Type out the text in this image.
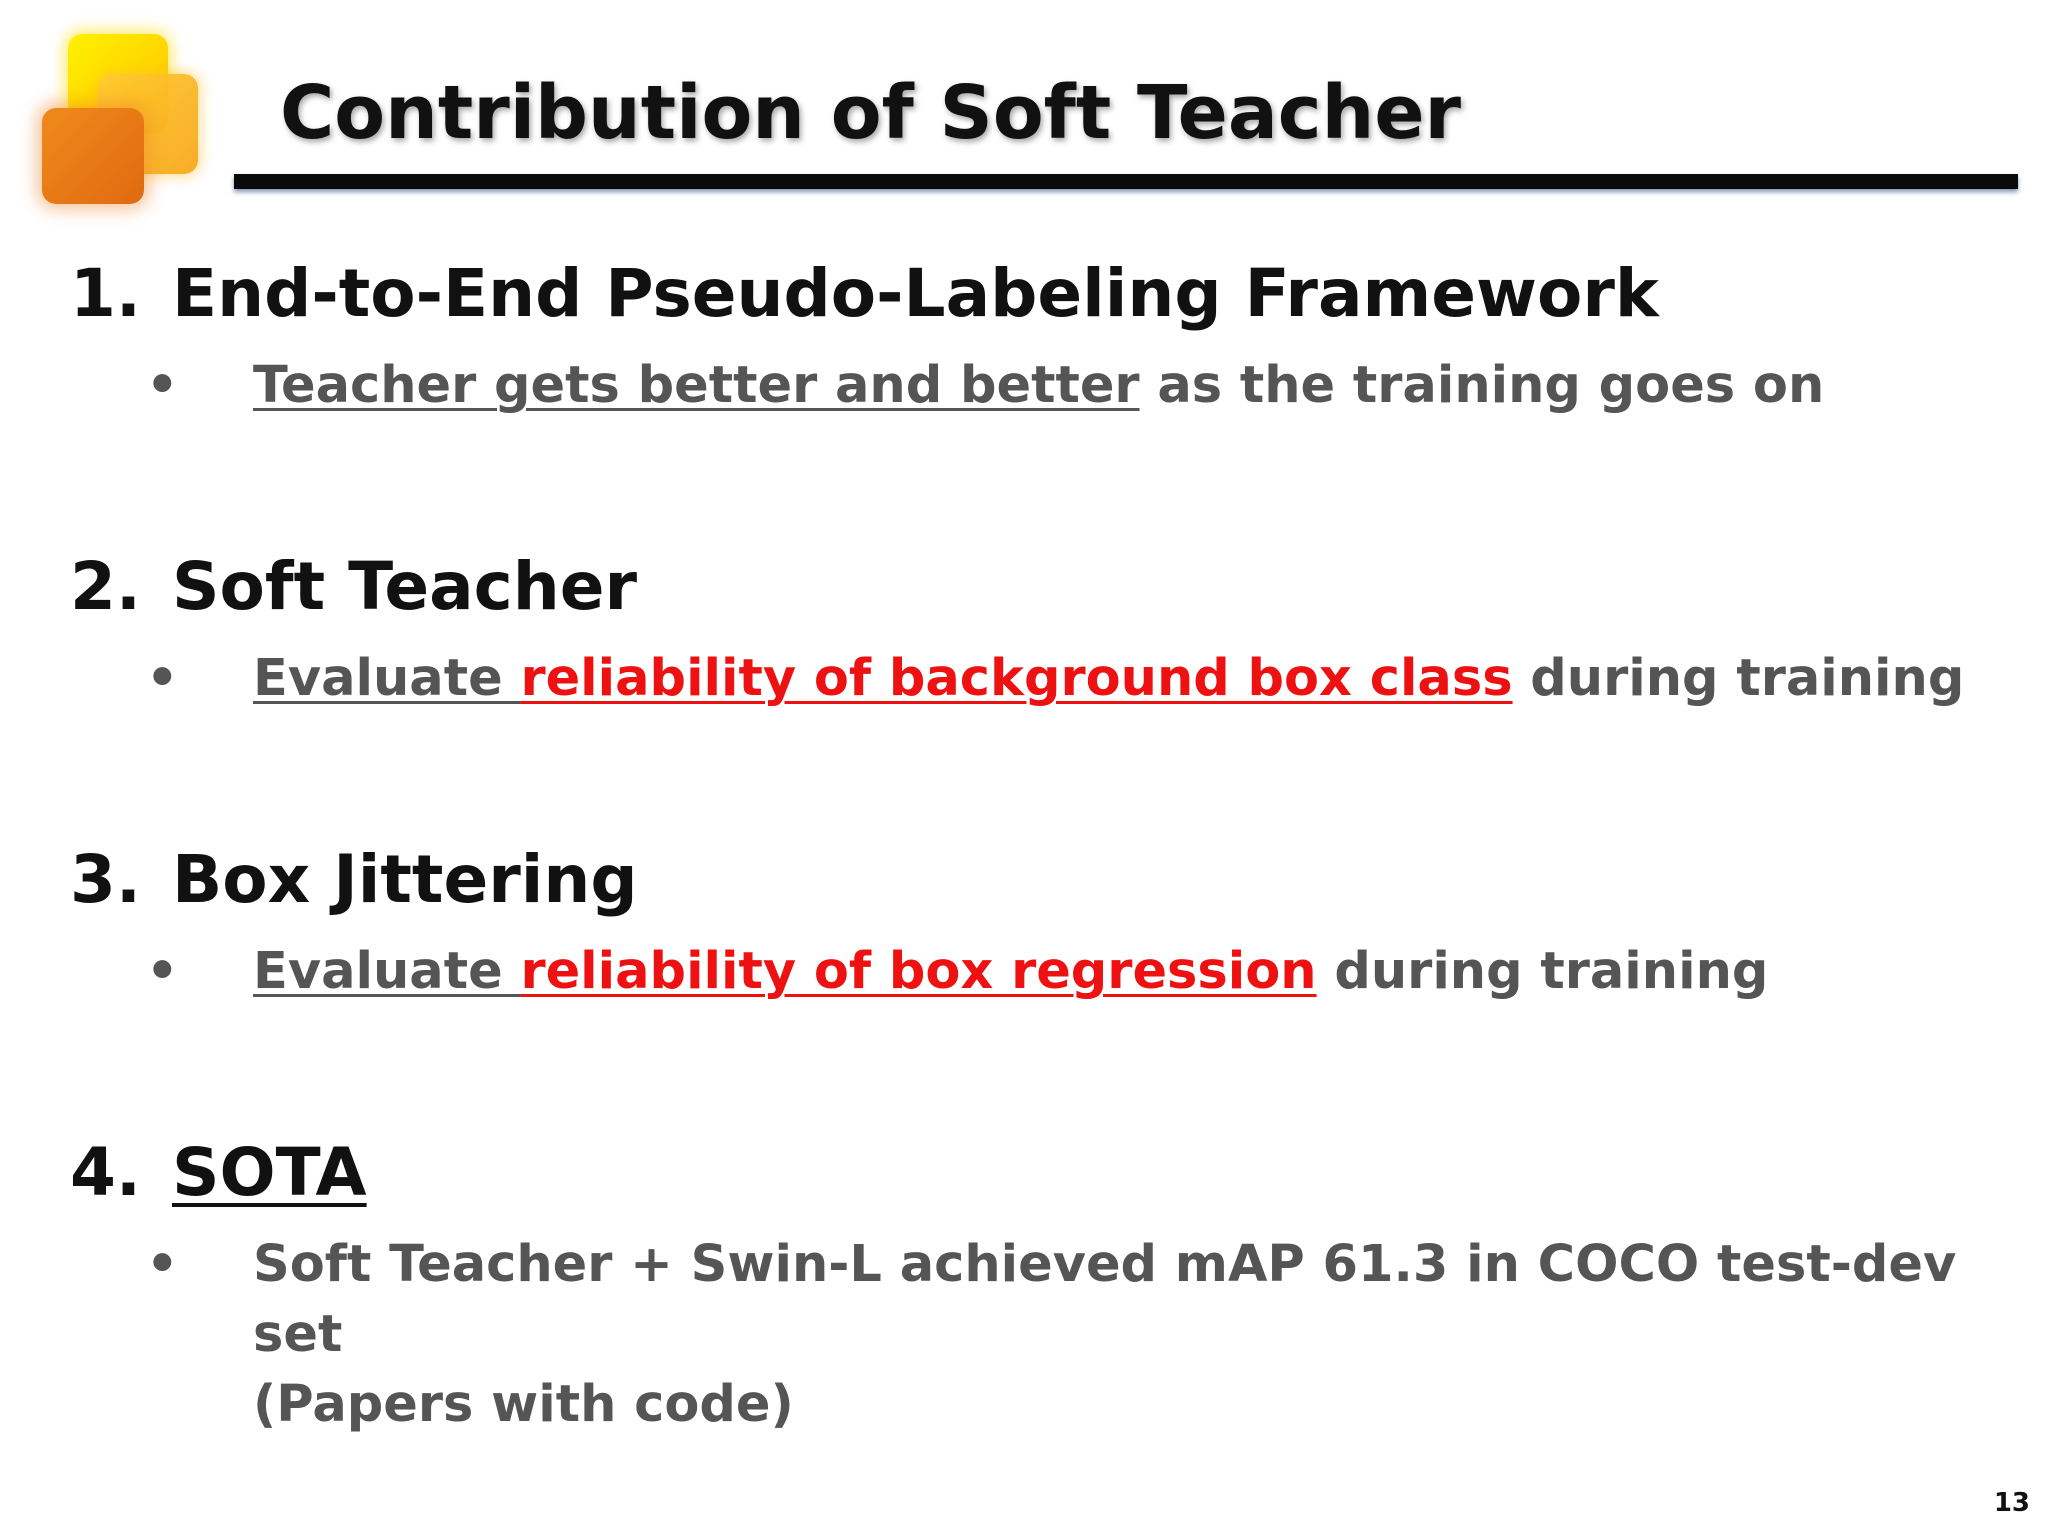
Contribution of Soft Teacher
1. End-to-End Pseudo-Labeling Framework
• Teacher gets better and better as the training goes on
2. Soft Teacher
• Evaluate reliability of background box class during training
3. Box Jittering
• Evaluate reliability of box regression during training
4. SOTA
• Soft Teacher + Swin-L achieved mAP 61.3 in COCO test-dev set
(Papers with code)
13
